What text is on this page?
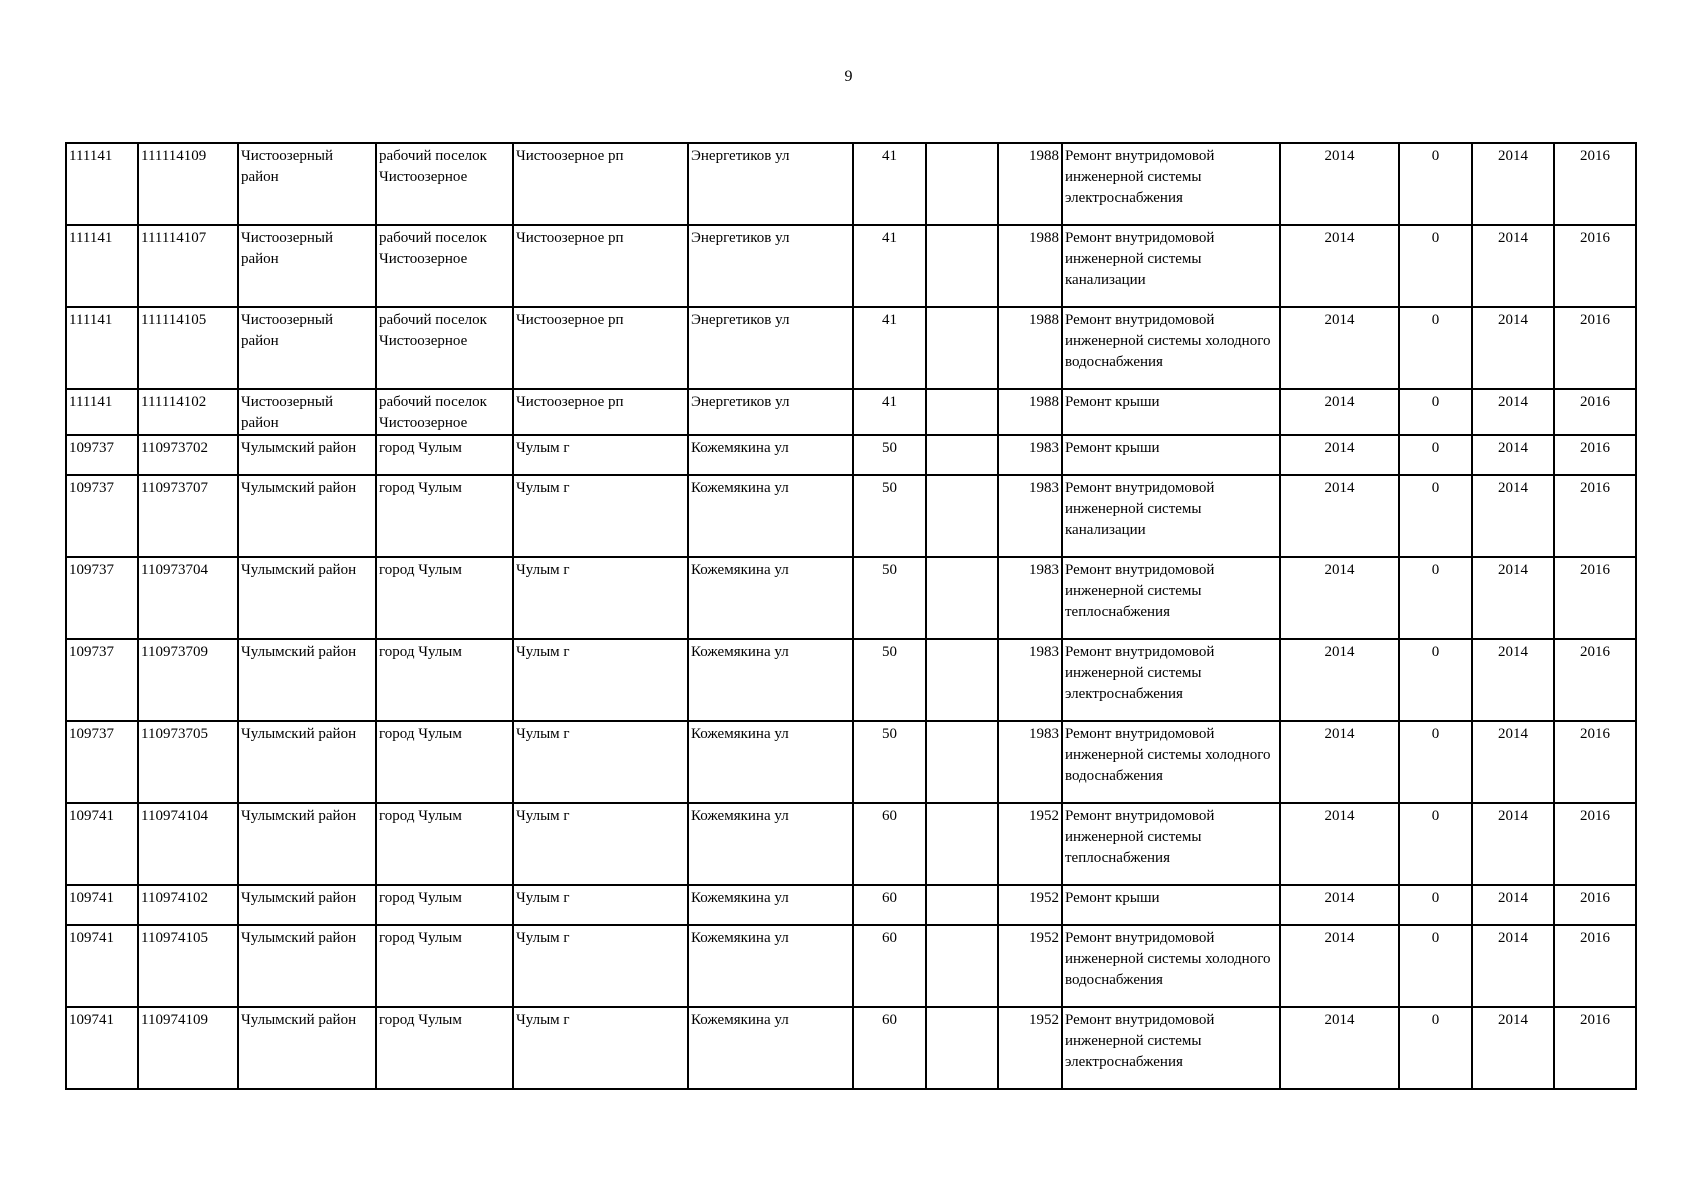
9
111141	111114109	Чистоозерный район	рабочий поселок Чистоозерное	Чистоозерное рп	Энергетиков ул	41		1988	Ремонт внутридомовой инженерной системы электроснабжения	2014	0	2014	2016
111141	111114107	Чистоозерный район	рабочий поселок Чистоозерное	Чистоозерное рп	Энергетиков ул	41		1988	Ремонт внутридомовой инженерной системы канализации	2014	0	2014	2016
111141	111114105	Чистоозерный район	рабочий поселок Чистоозерное	Чистоозерное рп	Энергетиков ул	41		1988	Ремонт внутридомовой инженерной системы холодного водоснабжения	2014	0	2014	2016
111141	111114102	Чистоозерный район	рабочий поселок Чистоозерное	Чистоозерное рп	Энергетиков ул	41		1988	Ремонт крыши	2014	0	2014	2016
109737	110973702	Чулымский район	город Чулым	Чулым г	Кожемякина ул	50		1983	Ремонт крыши	2014	0	2014	2016
109737	110973707	Чулымский район	город Чулым	Чулым г	Кожемякина ул	50		1983	Ремонт внутридомовой инженерной системы канализации	2014	0	2014	2016
109737	110973704	Чулымский район	город Чулым	Чулым г	Кожемякина ул	50		1983	Ремонт внутридомовой инженерной системы теплоснабжения	2014	0	2014	2016
109737	110973709	Чулымский район	город Чулым	Чулым г	Кожемякина ул	50		1983	Ремонт внутридомовой инженерной системы электроснабжения	2014	0	2014	2016
109737	110973705	Чулымский район	город Чулым	Чулым г	Кожемякина ул	50		1983	Ремонт внутридомовой инженерной системы холодного водоснабжения	2014	0	2014	2016
109741	110974104	Чулымский район	город Чулым	Чулым г	Кожемякина ул	60		1952	Ремонт внутридомовой инженерной системы теплоснабжения	2014	0	2014	2016
109741	110974102	Чулымский район	город Чулым	Чулым г	Кожемякина ул	60		1952	Ремонт крыши	2014	0	2014	2016
109741	110974105	Чулымский район	город Чулым	Чулым г	Кожемякина ул	60		1952	Ремонт внутридомовой инженерной системы холодного водоснабжения	2014	0	2014	2016
109741	110974109	Чулымский район	город Чулым	Чулым г	Кожемякина ул	60		1952	Ремонт внутридомовой инженерной системы электроснабжения	2014	0	2014	2016
